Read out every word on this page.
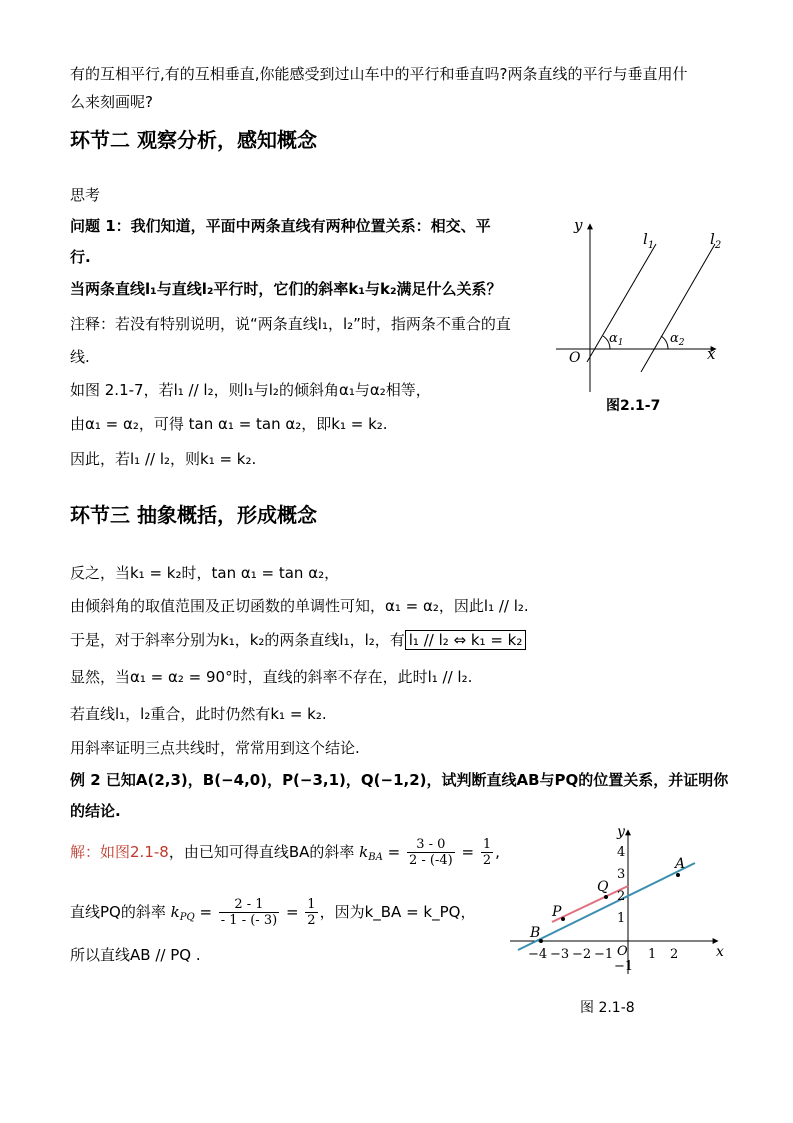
有的互相平行,有的互相垂直,你能感受到过山车中的平行和垂直吗?两条直线的平行与垂直用什
么来刻画呢?
环节二 观察分析，感知概念
思考
问题 1：我们知道，平面中两条直线有两种位置关系：相交、平
行.
当两条直线l₁与直线l₂平行时，它们的斜率k₁与k₂满足什么关系？
注释：若没有特别说明，说“两条直线l₁，l₂”时，指两条不重合的直
线.
如图 2.1-7，若l₁ // l₂，则l₁与l₂的倾斜角α₁与α₂相等，
由α₁ = α₂，可得 tan α₁ = tan α₂，即k₁ = k₂.
因此，若l₁ // l₂，则k₁ = k₂.
y
x
O
$l_1$	$l_2$
$\alpha_1$	$\alpha_2$
图2.1-7
环节三 抽象概括，形成概念
反之，当k₁ = k₂时，tan α₁ = tan α₂，
由倾斜角的取值范围及正切函数的单调性可知，α₁ = α₂，因此l₁ // l₂.
于是，对于斜率分别为k₁，k₂的两条直线l₁，l₂，有 l₁ // l₂ ⇔ k₁ = k₂
显然，当α₁ = α₂ = 90°时，直线的斜率不存在，此时l₁ // l₂.
若直线l₁，l₂重合，此时仍然有k₁ = k₂.
用斜率证明三点共线时，常常用到这个结论.
例 2 已知A(2,3)，B(−4,0)，P(−3,1)，Q(−1,2)，试判断直线AB与PQ的位置关系，并证明你
的结论.
解：如图2.1-8，由已知可得直线BA的斜率 $k_{BA} = \frac{3 - 0}{2 - (-4)} = \frac{1}{2}$ ,
直线PQ的斜率 $k_{PQ} = \frac{2 - 1}{- 1 - (- 3)} = \frac{1}{2}$ ，因为k_BA = k_PQ，
所以直线AB // PQ .
A
B
P
Q
O	x
y
−4 −3 −2 −1	1 2
4
3
2
1
−1
图 2.1-8
